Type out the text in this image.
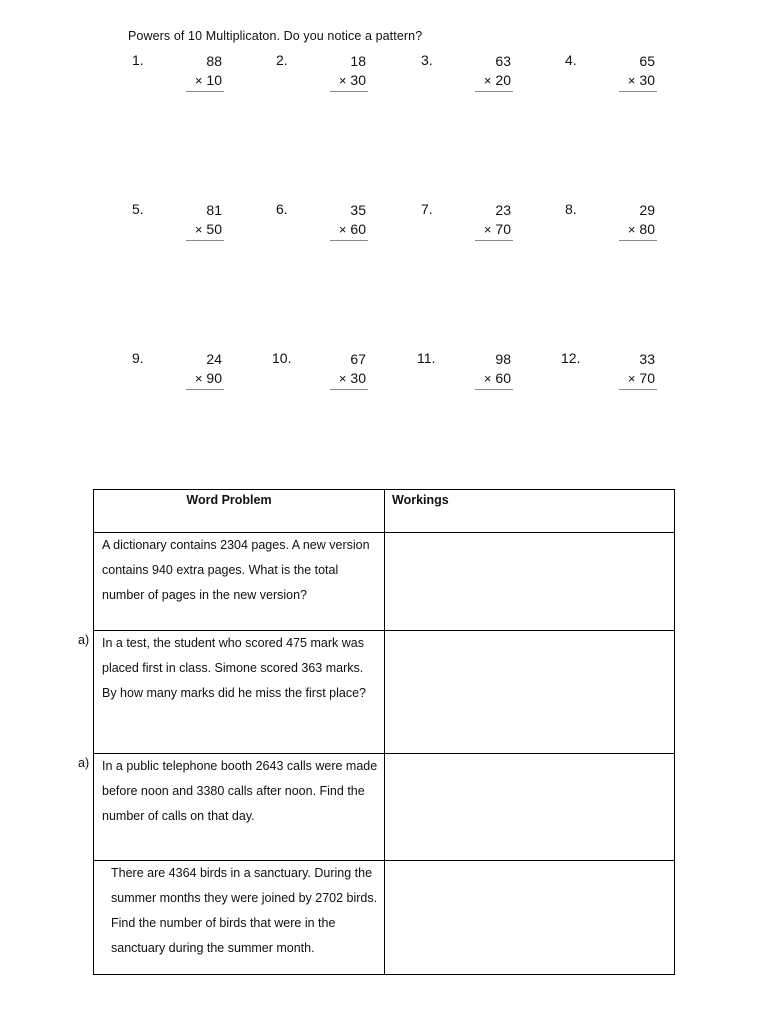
Powers of 10 Multiplicaton. Do you notice a pattern?
1.	88
× 10
2.	18
× 30
3.	63
× 20
4.	65
× 30
5.	81
× 50
6.	35
× 60
7.	23
× 70
8.	29
× 80
9.	24
× 90
10.	67
× 30
11.	98
× 60
12.	33
× 70
Word Problem	Workings

A dictionary contains 2304 pages. A new version contains 940 extra pages. What is the total number of pages in the new version?	

a) In a test, the student who scored 475 mark was placed first in class. Simone scored 363 marks. By how many marks did he miss the first place?	

a) In a public telephone booth 2643 calls were made before noon and 3380 calls after noon. Find the number of calls on that day.	

There are 4364 birds in a sanctuary. During the summer months they were joined by 2702 birds. Find the number of birds that were in the sanctuary during the summer month.	
